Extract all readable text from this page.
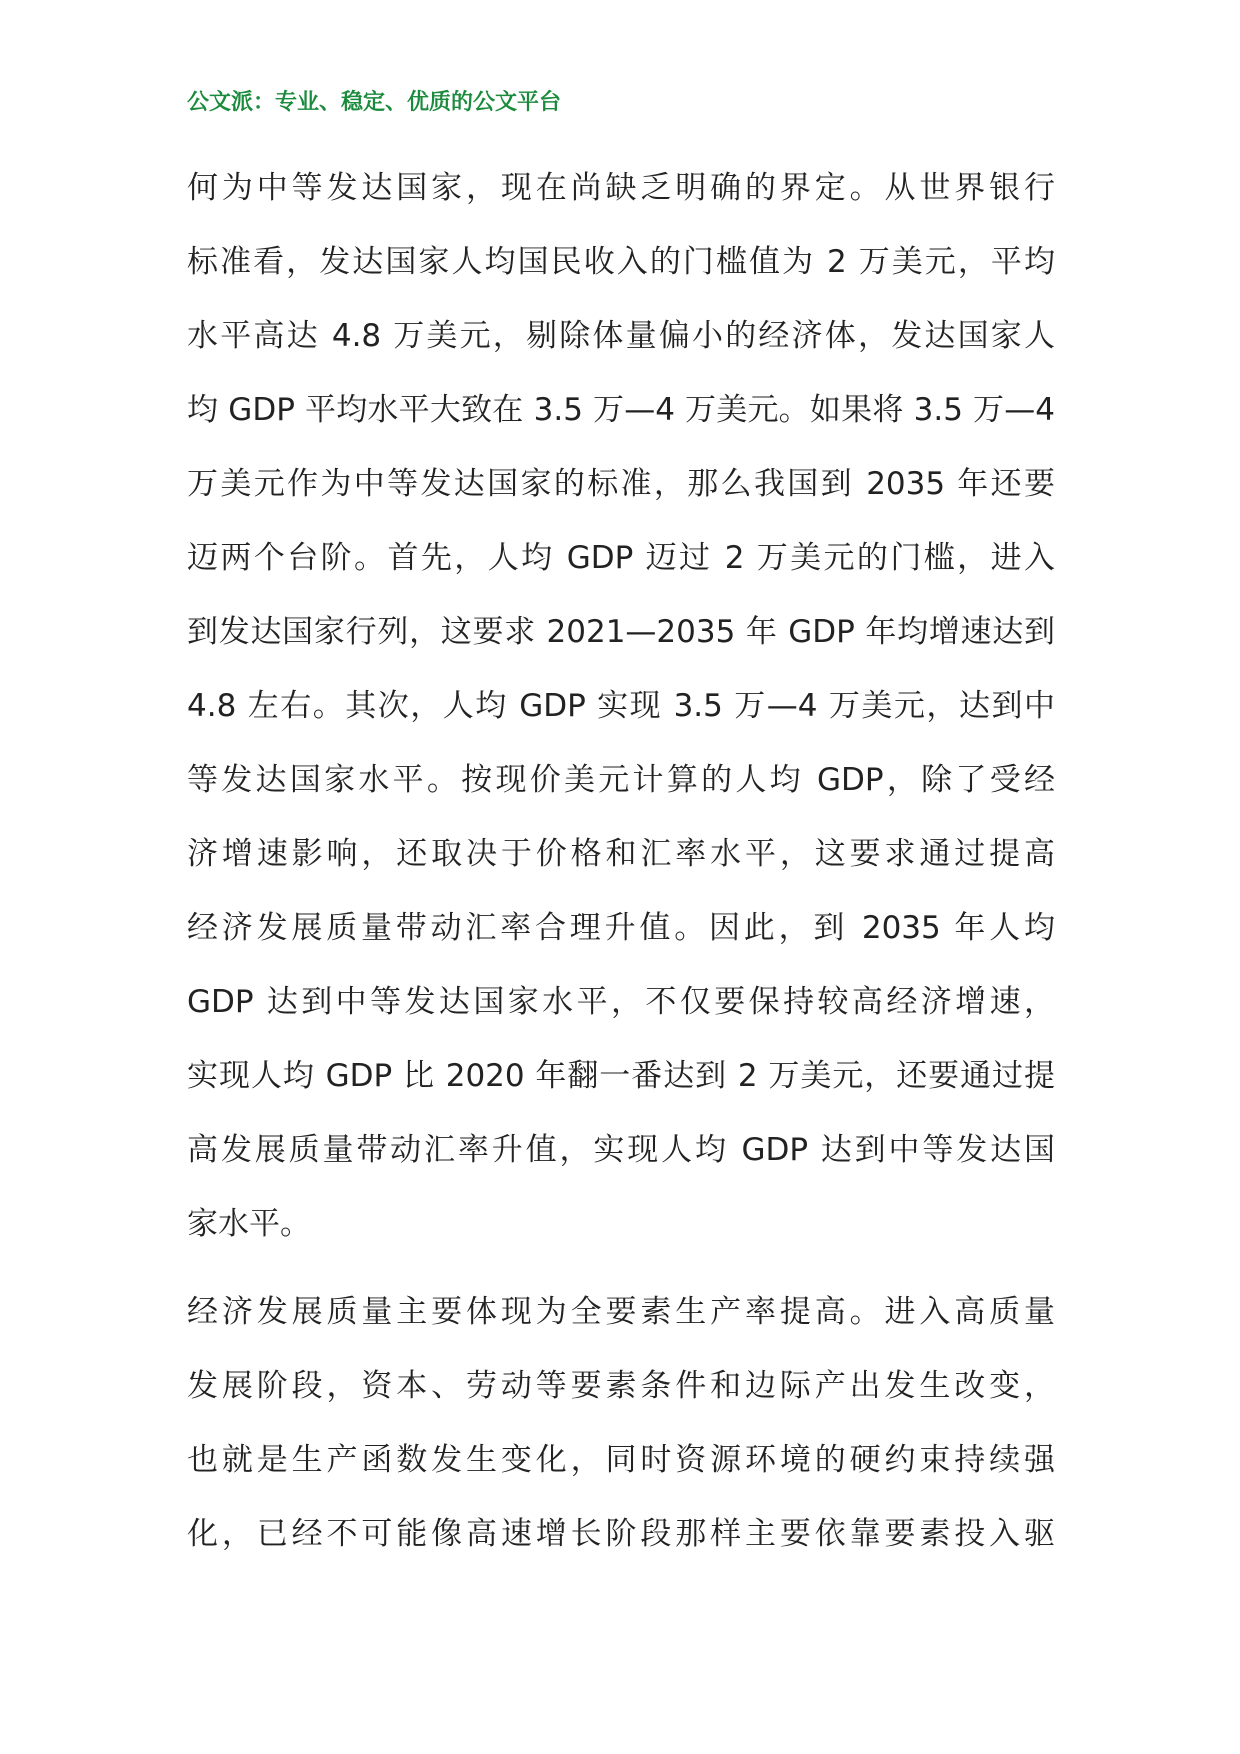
公文派：专业、稳定、优质的公文平台
何为中等发达国家，现在尚缺乏明确的界定。从世界银行
标准看，发达国家人均国民收入的门槛值为 2 万美元，平均
水平高达 4.8 万美元，剔除体量偏小的经济体，发达国家人
均 GDP 平均水平大致在 3.5 万—4 万美元。如果将 3.5 万—4
万美元作为中等发达国家的标准，那么我国到 2035 年还要
迈两个台阶。首先，人均 GDP 迈过 2 万美元的门槛，进入
到发达国家行列，这要求 2021—2035 年 GDP 年均增速达到
4.8 左右。其次，人均 GDP 实现 3.5 万—4 万美元，达到中
等发达国家水平。按现价美元计算的人均 GDP，除了受经
济增速影响，还取决于价格和汇率水平，这要求通过提高
经济发展质量带动汇率合理升值。因此，到 2035 年人均
GDP 达到中等发达国家水平，不仅要保持较高经济增速，
实现人均 GDP 比 2020 年翻一番达到 2 万美元，还要通过提
高发展质量带动汇率升值，实现人均 GDP 达到中等发达国
家水平。
经济发展质量主要体现为全要素生产率提高。进入高质量
发展阶段，资本、劳动等要素条件和边际产出发生改变，
也就是生产函数发生变化，同时资源环境的硬约束持续强
化，已经不可能像高速增长阶段那样主要依靠要素投入驱
